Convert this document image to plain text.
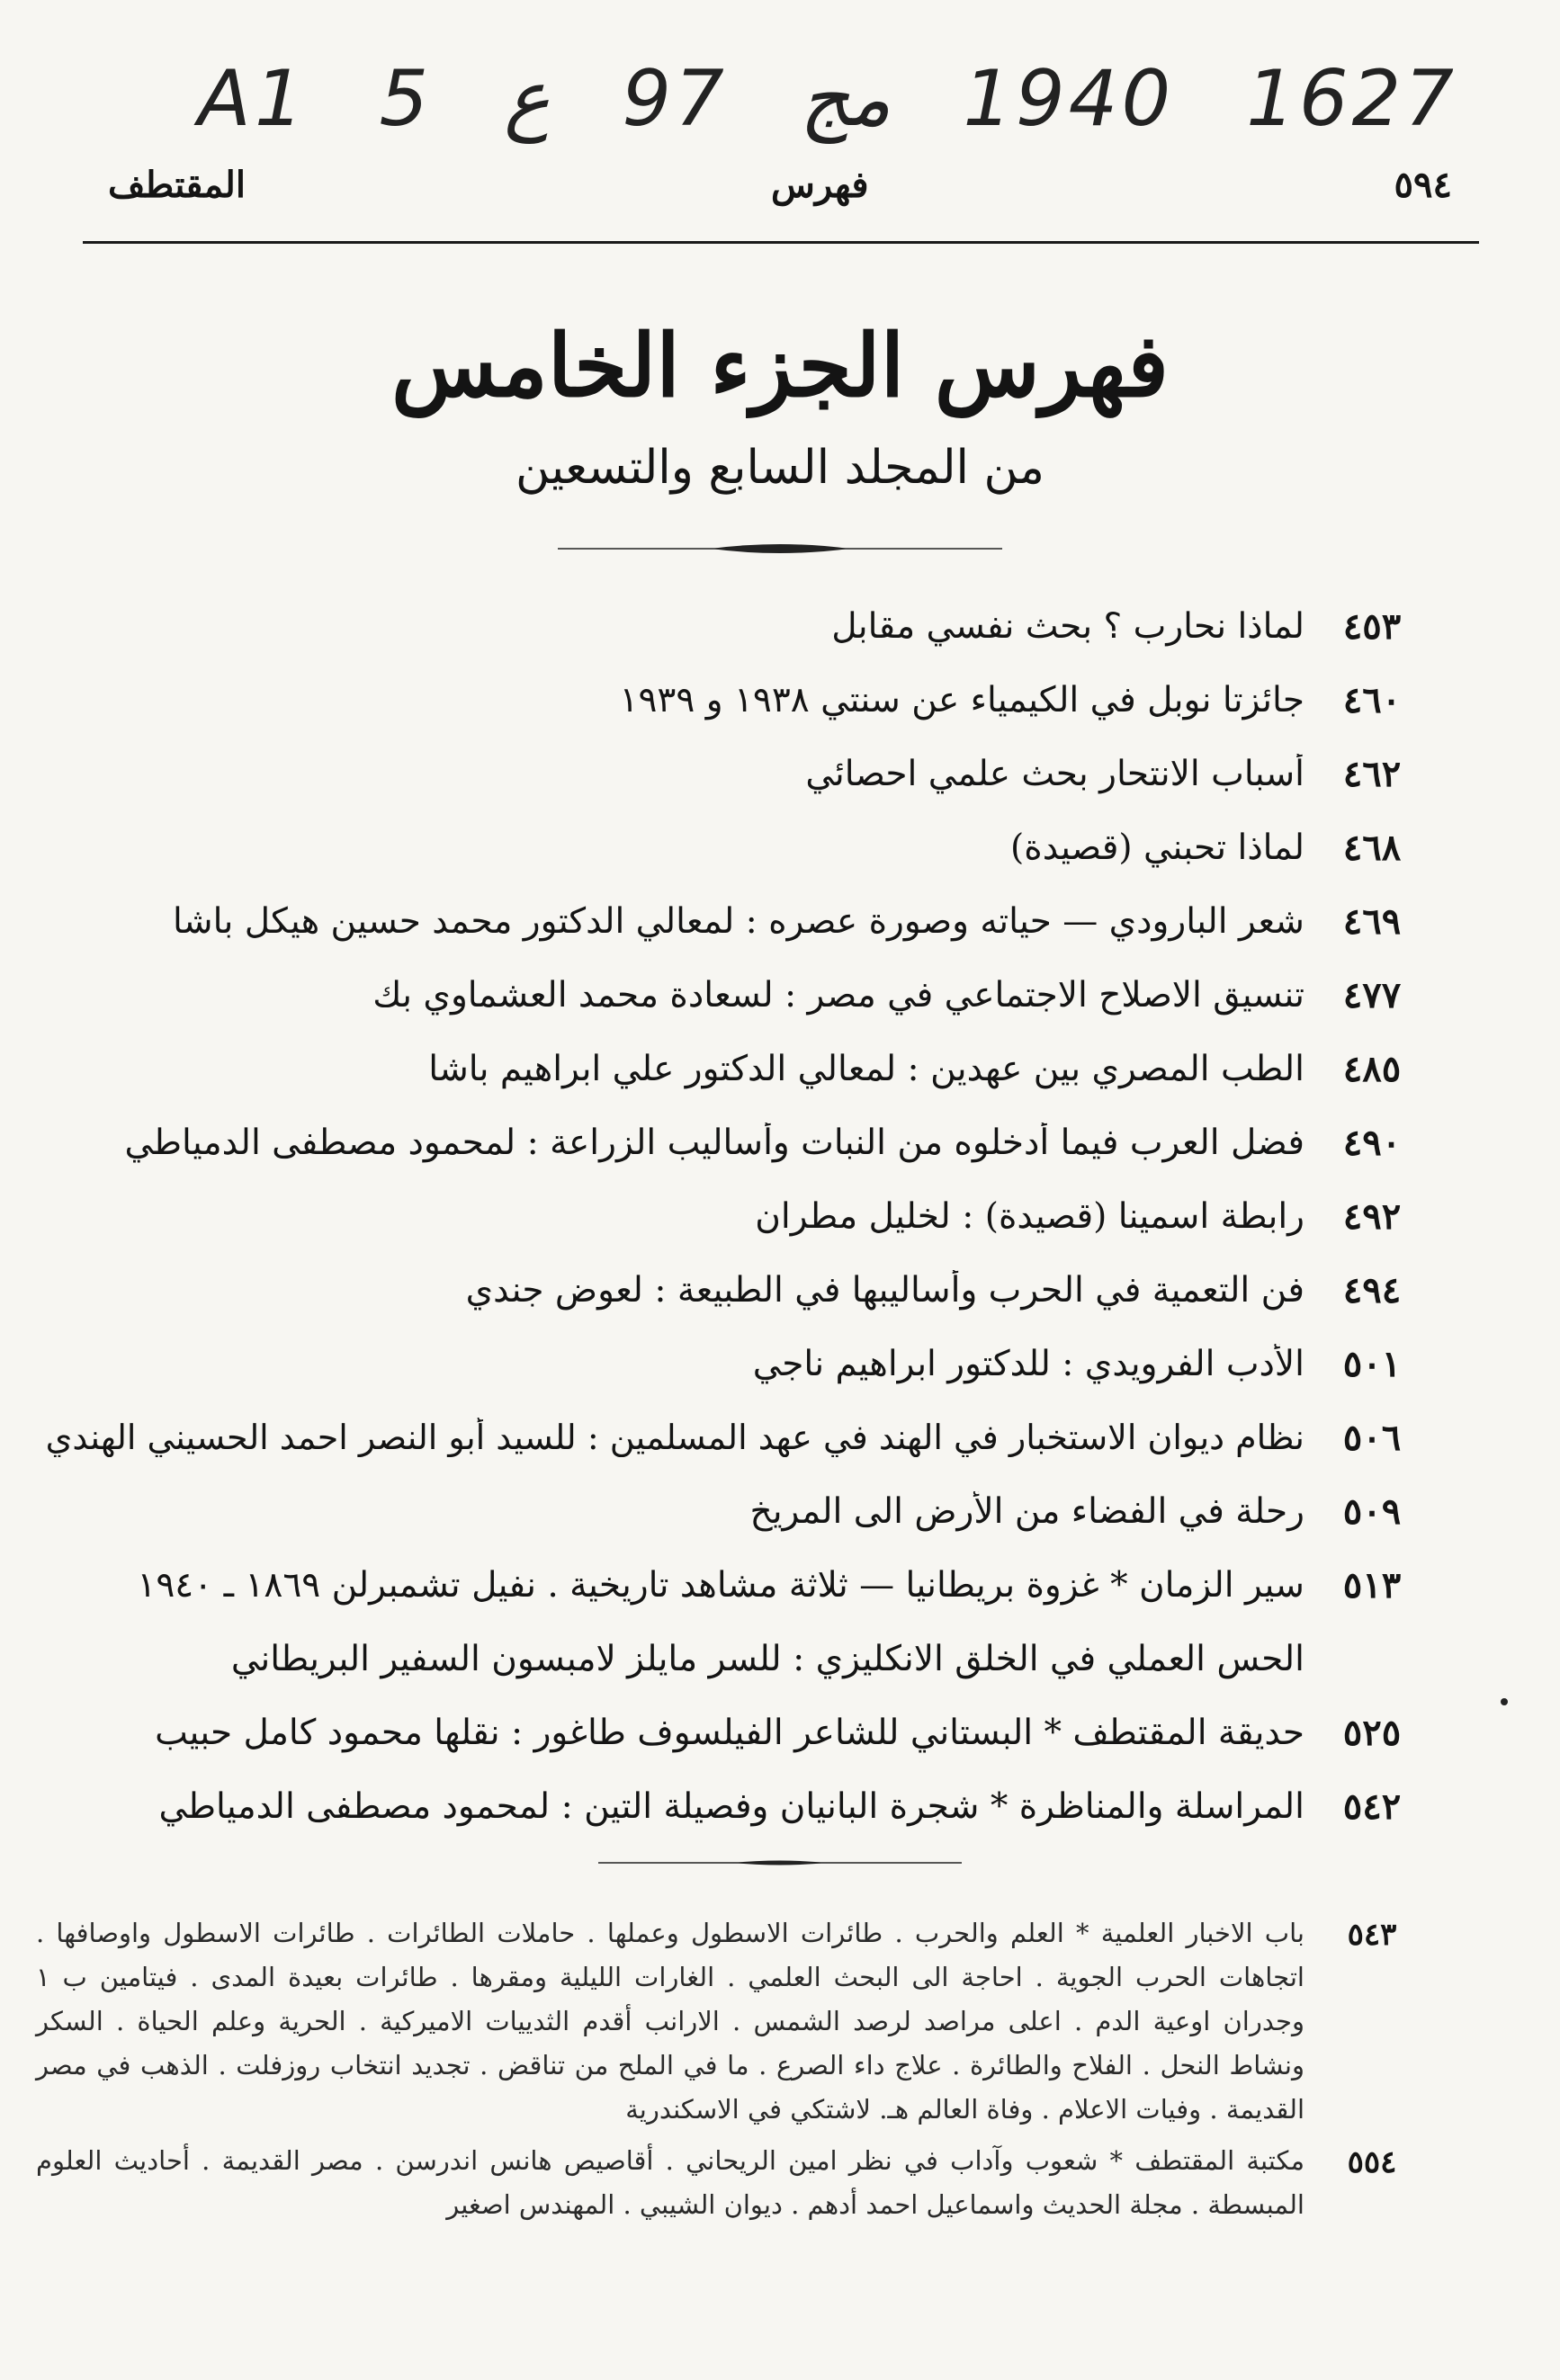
A1 5 ع 97 مج 1940 1627
٥٩٤
فهرس
المقتطف
فهرس الجزء الخامس
من المجلد السابع والتسعين
٤٥٣
لماذا نحارب ؟ بحث نفسي مقابل
٤٦٠
جائزتا نوبل في الكيمياء عن سنتي ١٩٣٨ و ١٩٣٩
٤٦٢
أسباب الانتحار بحث علمي احصائي
٤٦٨
لماذا تحبني (قصيدة)
٤٦٩
شعر البارودي — حياته وصورة عصره : لمعالي الدكتور محمد حسين هيكل باشا
٤٧٧
تنسيق الاصلاح الاجتماعي في مصر : لسعادة محمد العشماوي بك
٤٨٥
الطب المصري بين عهدين : لمعالي الدكتور علي ابراهيم باشا
٤٩٠
فضل العرب فيما أدخلوه من النبات وأساليب الزراعة : لمحمود مصطفى الدمياطي
٤٩٢
رابطة اسمينا (قصيدة) : لخليل مطران
٤٩٤
فن التعمية في الحرب وأساليبها في الطبيعة : لعوض جندي
٥٠١
الأدب الفرويدي : للدكتور ابراهيم ناجي
٥٠٦
نظام ديوان الاستخبار في الهند في عهد المسلمين : للسيد أبو النصر احمد الحسيني الهندي
٥٠٩
رحلة في الفضاء من الأرض الى المريخ
٥١٣
سير الزمان * غزوة بريطانيا — ثلاثة مشاهد تاريخية . نفيل تشمبرلن ١٨٦٩ ـ ١٩٤٠
الحس العملي في الخلق الانكليزي : للسر مايلز لامبسون السفير البريطاني
٥٢٥
حديقة المقتطف * البستاني للشاعر الفيلسوف طاغور : نقلها محمود كامل حبيب
٥٤٢
المراسلة والمناظرة * شجرة البانيان وفصيلة التين : لمحمود مصطفى الدمياطي
٥٤٣
باب الاخبار العلمية * العلم والحرب . طائرات الاسطول وعملها . حاملات الطائرات . طائرات الاسطول واوصافها . اتجاهات الحرب الجوية . احاجة الى البحث العلمي . الغارات الليلية ومقرها . طائرات بعيدة المدى . فيتامين ب ١ وجدران اوعية الدم . اعلى مراصد لرصد الشمس . الارانب أقدم الثدييات الاميركية . الحرية وعلم الحياة . السكر ونشاط النحل . الفلاح والطائرة . علاج داء الصرع . ما في الملح من تناقض . تجديد انتخاب روزفلت . الذهب في مصر القديمة . وفيات الاعلام . وفاة العالم هـ. لاشتكي في الاسكندرية
٥٥٤
مكتبة المقتطف * شعوب وآداب في نظر امين الريحاني . أقاصيص هانس اندرسن . مصر القديمة . أحاديث العلوم المبسطة . مجلة الحديث واسماعيل احمد أدهم . ديوان الشيبي . المهندس اصغير
